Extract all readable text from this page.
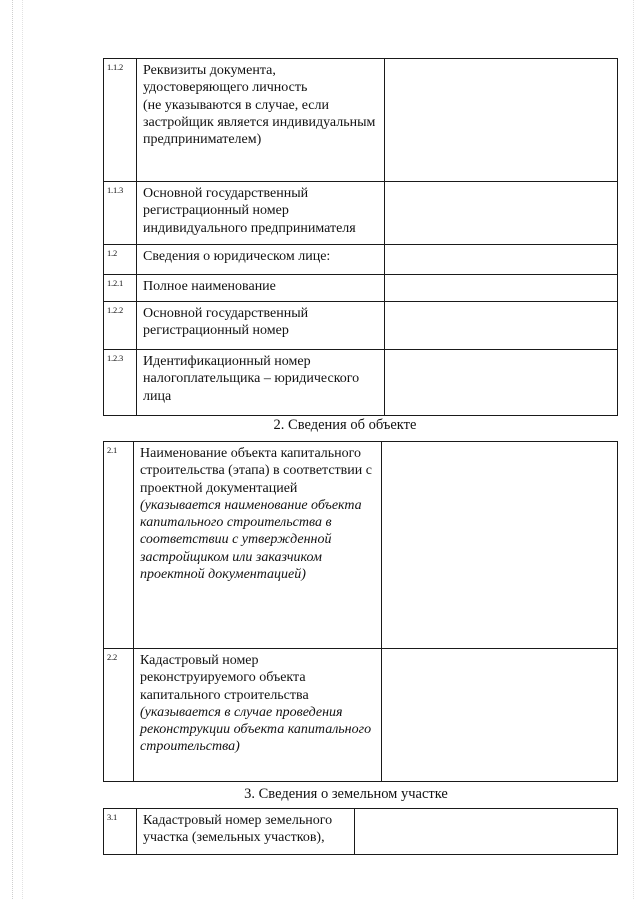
1.1.2	Реквизиты документа, удостоверяющего личность
(не указываются в случае, если застройщик является индивидуальным предпринимателем)	

1.1.3	Основной государственный регистрационный номер индивидуального предпринимателя	
1.2	Сведения о юридическом лице:	
1.2.1	Полное наименование	
1.2.2	Основной государственный регистрационный номер	
1.2.3	Идентификационный номер налогоплательщика – юридического лица	
2. Сведения об объекте
2.1	Наименование объекта капитального строительства (этапа) в соответствии с проектной документацией
(указывается наименование объекта капитального строительства в соответствии с утвержденной застройщиком или заказчиком проектной документацией)	

2.2	Кадастровый номер реконструируемого объекта капитального строительства
(указывается в случае проведения реконструкции объекта капитального строительства)	

3. Сведения о земельном участке
3.1	Кадастровый номер земельного участка (земельных участков),	
